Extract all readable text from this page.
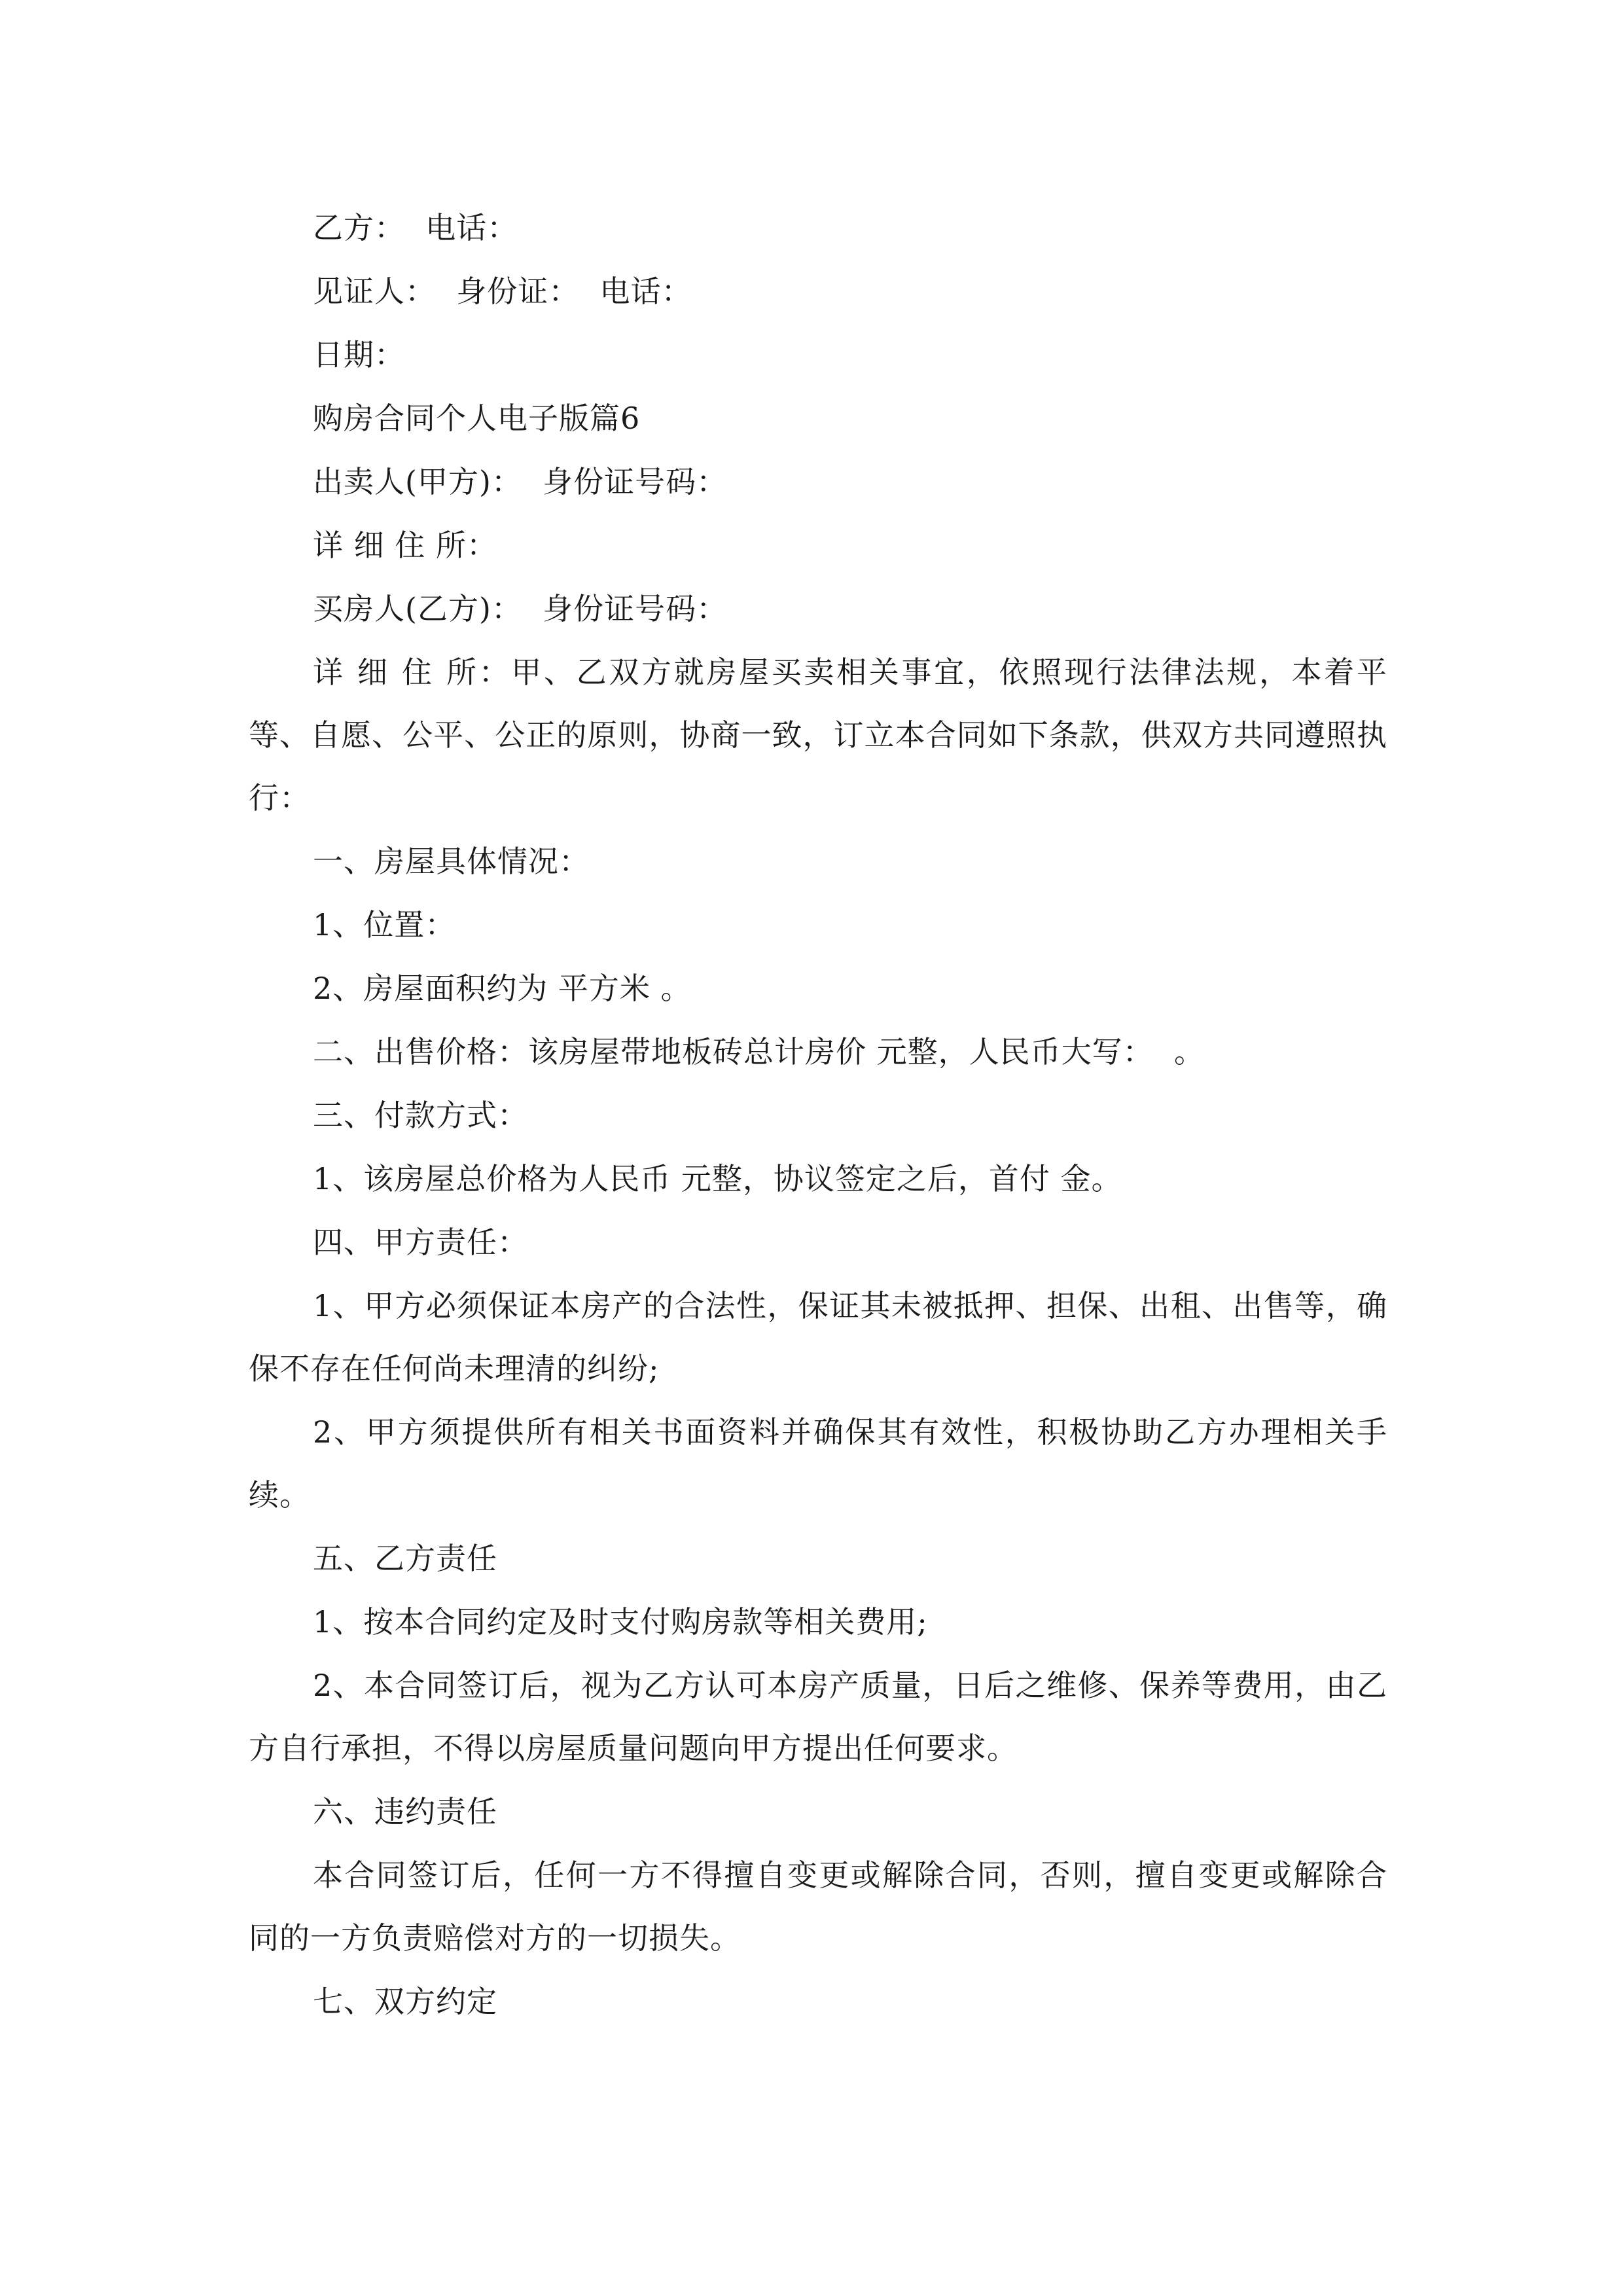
乙方：  电话：

见证人：  身份证：  电话：

日期：

购房合同个人电子版篇6

出卖人(甲方)：  身份证号码：

详 细 住 所：

买房人(乙方)：  身份证号码：

详 细 住 所：甲、乙双方就房屋买卖相关事宜，依照现行法律法规，本着平等、自愿、公平、公正的原则，协商一致，订立本合同如下条款，供双方共同遵照执行：

一、房屋具体情况：

1、位置：

2、房屋面积约为 平方米 。

二、出售价格：该房屋带地板砖总计房价 元整，人民币大写：  。

三、付款方式：

1、该房屋总价格为人民币 元整，协议签定之后，首付 金。

四、甲方责任：

1、甲方必须保证本房产的合法性，保证其未被抵押、担保、出租、出售等，确保不存在任何尚未理清的纠纷;

2、甲方须提供所有相关书面资料并确保其有效性，积极协助乙方办理相关手续。

五、乙方责任

1、按本合同约定及时支付购房款等相关费用;

2、本合同签订后，视为乙方认可本房产质量，日后之维修、保养等费用，由乙方自行承担，不得以房屋质量问题向甲方提出任何要求。

六、违约责任

本合同签订后，任何一方不得擅自变更或解除合同，否则，擅自变更或解除合同的一方负责赔偿对方的一切损失。

七、双方约定
